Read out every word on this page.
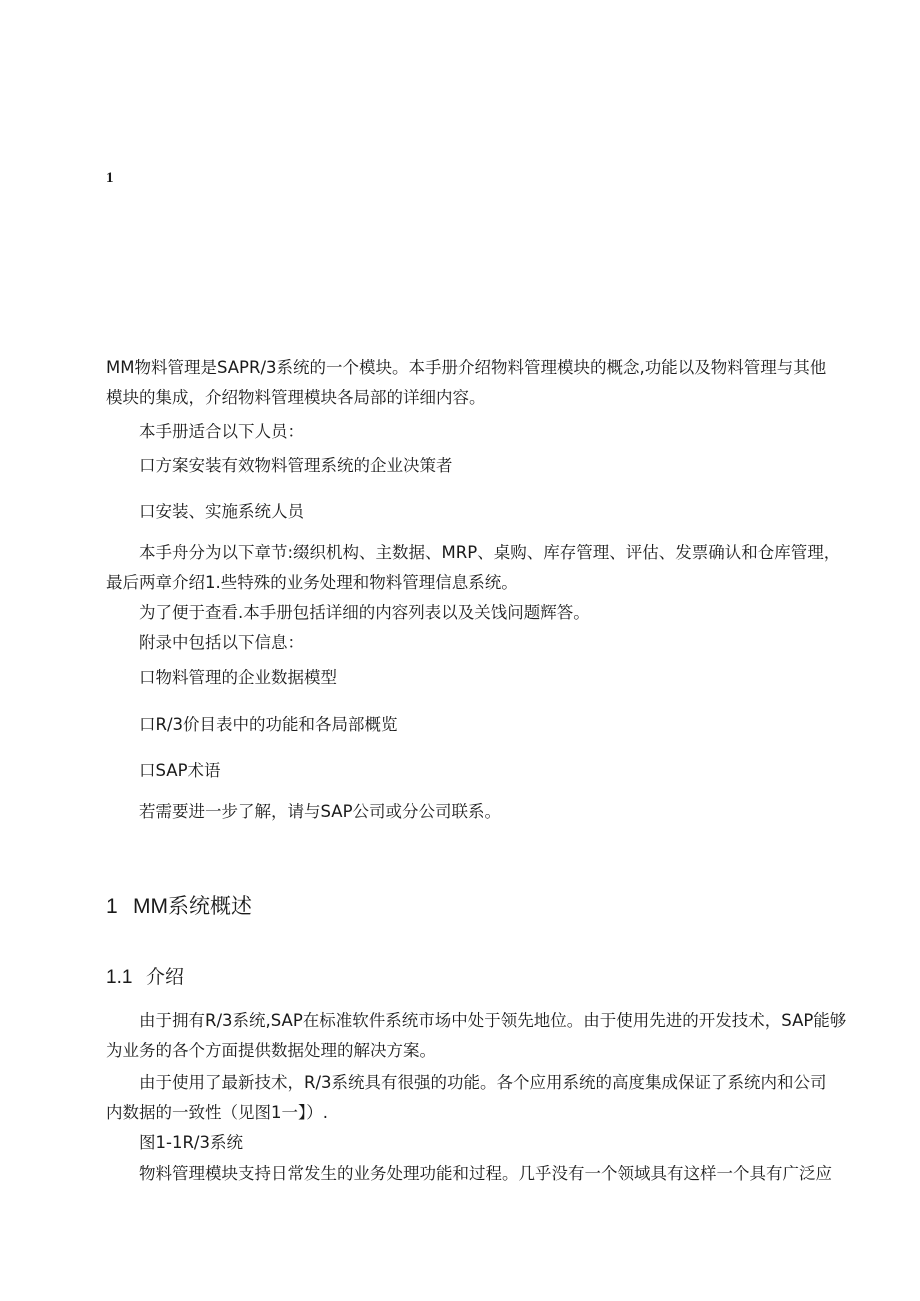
1
MM物料管理是SAPR/3系统的一个模块。本手册介绍物料管理模块的概念,功能以及物料管理与其他
模块的集成，介绍物料管理模块各局部的详细内容。
本手册适合以下人员：
口方案安装有效物料管理系统的企业决策者
口安装、实施系统人员
本手舟分为以下章节:缀织机构、主数据、MRP、桌购、库存管理、评估、发票确认和仓库管理，
最后两章介绍1.些特殊的业务处理和物料管理信息系统。
为了便于查看.本手册包括详细的内容列表以及关饯问题辉答。
附录中包括以下信息：
口物料管理的企业数据模型
口R/3价目表中的功能和各局部概览
口SAP术语
若需要进一步了解，请与SAP公司或分公司联系。
1 MM系统概述
1.1 介绍
由于拥有R/3系统,SAP在标准软件系统市场中处于领先地位。由于使用先进的开发技术，SAP能够
为业务的各个方面提供数据处理的解决方案。
由于使用了最新技术，R/3系统具有很强的功能。各个应用系统的高度集成保证了系统内和公司
内数据的一致性（见图1一】）.
图1-1R/3系统
物料管理模块支持日常发生的业务处理功能和过程。几乎没有一个领域具有这样一个具有广泛应
